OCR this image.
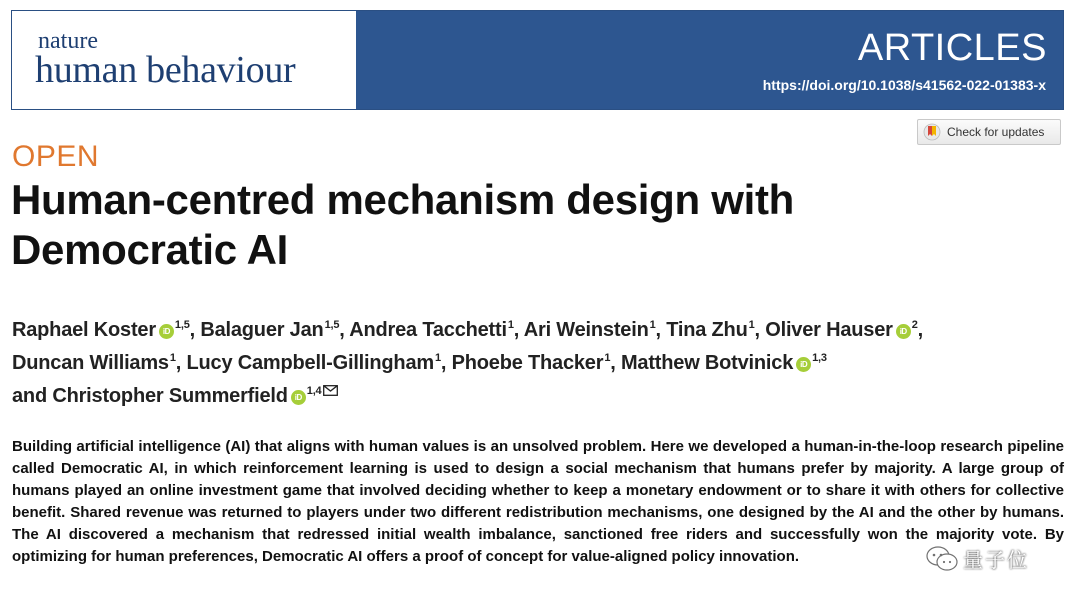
nature
human behaviour
ARTICLES
https://doi.org/10.1038/s41562-022-01383-x
Check for updates
OPEN
Human-centred mechanism design with Democratic AI
Raphael Koster iD$^{1,5}$, Balaguer Jan$^{1,5}$, Andrea Tacchetti$^1$, Ari Weinstein$^1$, Tina Zhu$^1$, Oliver Hauser iD$^2$,
Duncan Williams$^1$, Lucy Campbell-Gillingham$^1$, Phoebe Thacker$^1$, Matthew Botvinick iD$^{1,3}$
and Christopher Summerfield iD$^{1,4}$

Building artificial intelligence (AI) that aligns with human values is an unsolved problem. Here we developed a human-in-the-loop research pipeline called Democratic AI, in which reinforcement learning is used to design a social mechanism that humans prefer by majority. A large group of humans played an online investment game that involved deciding whether to keep a monetary endowment or to share it with others for collective benefit. Shared revenue was returned to players under two different redistribution mechanisms, one designed by the AI and the other by humans. The AI discovered a mechanism that redressed initial wealth imbalance, sanctioned free riders and successfully won the majority vote. By optimizing for human preferences, Democratic AI offers a proof of concept for value-aligned policy innovation.	量子位
